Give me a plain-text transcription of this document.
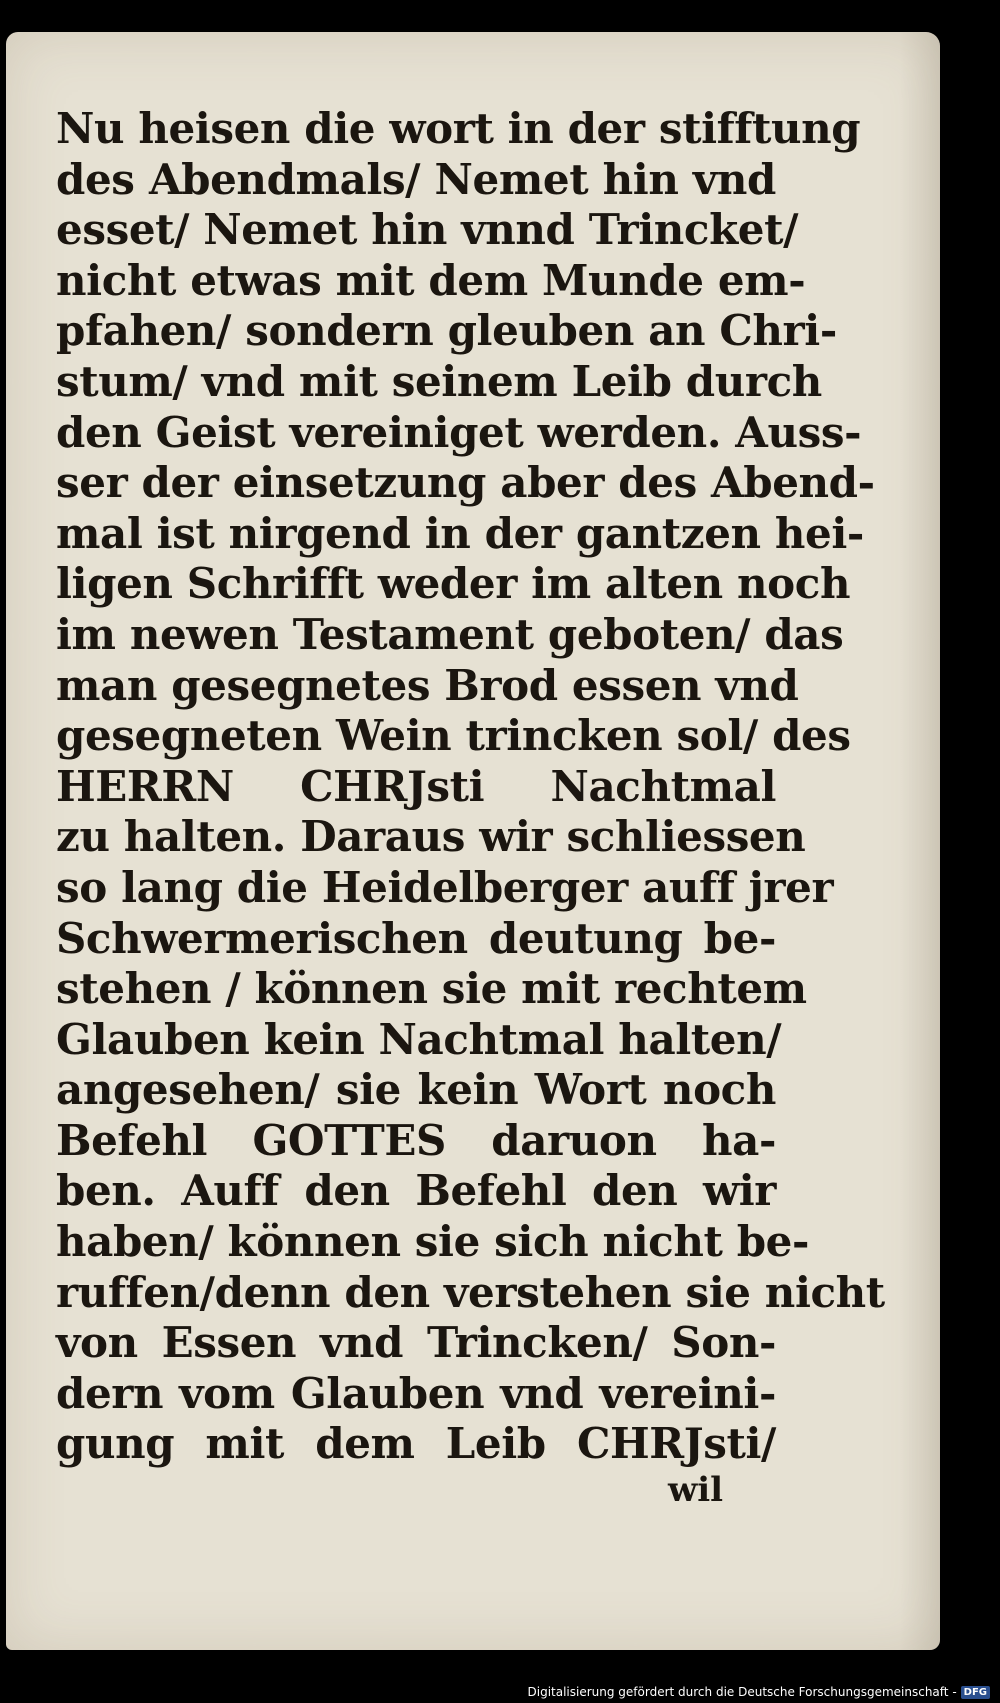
Nu heisen die wort in der stifftung
des Abendmals/ Nemet hin vnd
esset/ Nemet hin vnnd Trincket/
nicht etwas mit dem Munde em-
pfahen/ sondern gleuben an Chri-
stum/ vnd mit seinem Leib durch
den Geist vereiniget werden. Auss-
ser der einsetzung aber des Abend-
mal ist nirgend in der gantzen hei-
ligen Schrifft weder im alten noch
im newen Testament geboten/ das
man gesegnetes Brod essen vnd
gesegneten Wein trincken sol/ des
HERRN CHRJsti Nachtmal
zu halten. Daraus wir schliessen
so lang die Heidelberger auff jrer
Schwermerischen deutung be-
stehen / können sie mit rechtem
Glauben kein Nachtmal halten/
angesehen/ sie kein Wort noch
Befehl GOTTES daruon ha-
ben. Auff den Befehl den wir
haben/ können sie sich nicht be-
ruffen/denn den verstehen sie nicht
von Essen vnd Trincken/ Son-
dern vom Glauben vnd vereini-
gung mit dem Leib CHRJsti/
wil
Digitalisierung gefördert durch die Deutsche Forschungsgemeinschaft - DFG
